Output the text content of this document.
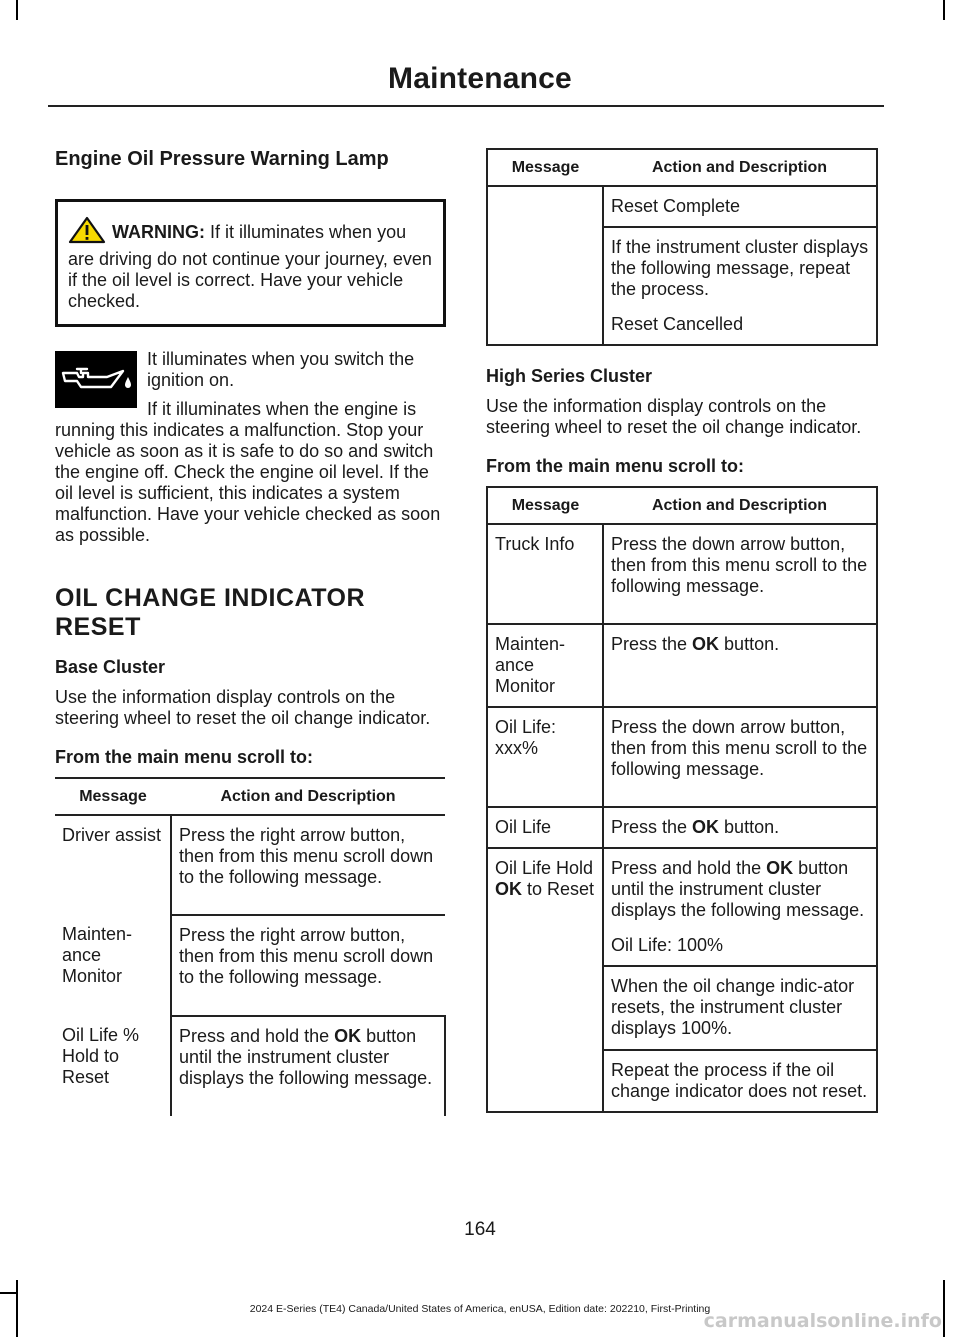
Maintenance
Engine Oil Pressure Warning Lamp
WARNING: If it illuminates when you are driving do not continue your journey, even if the oil level is correct. Have your vehicle checked.

It illuminates when you switch the ignition on.

If it illuminates when the engine is running this indicates a malfunction. Stop your vehicle as soon as it is safe to do so and switch the engine off. Check the engine oil level. If the oil level is sufficient, this indicates a system malfunction. Have your vehicle checked as soon as possible.

OIL CHANGE INDICATOR
RESET
Base Cluster

Use the information display controls on the steering wheel to reset the oil change indicator.

From the main menu scroll to:
Message	Action and Description
Driver assist	Press the right arrow button, then from this menu scroll down to the following message.
Mainten-ance Monitor	Press the right arrow button, then from this menu scroll down to the following message.
Oil Life % Hold to Reset	Press and hold the OK button until the instrument cluster displays the following message.
Message	Action and Description

	Reset Complete
If the instrument cluster displays the following message, repeat the process.
Reset Cancelled
High Series Cluster

Use the information display controls on the steering wheel to reset the oil change indicator.

From the main menu scroll to:
Message	Action and Description
Truck Info	Press the down arrow button, then from this menu scroll to the following message.
Mainten-ance Monitor	Press the OK button.
Oil Life: xxx%	Press the down arrow button, then from this menu scroll to the following message.
Oil Life	Press the OK button.
Oil Life Hold OK to Reset	Press and hold the OK button until the instrument cluster displays the following message.
Oil Life: 100%
When the oil change indic-ator resets, the instrument cluster displays 100%.
Repeat the process if the oil change indicator does not reset.
164
2024 E-Series (TE4) Canada/United States of America, enUSA, Edition date: 202210, First-Printing
carmanualsonline.info
